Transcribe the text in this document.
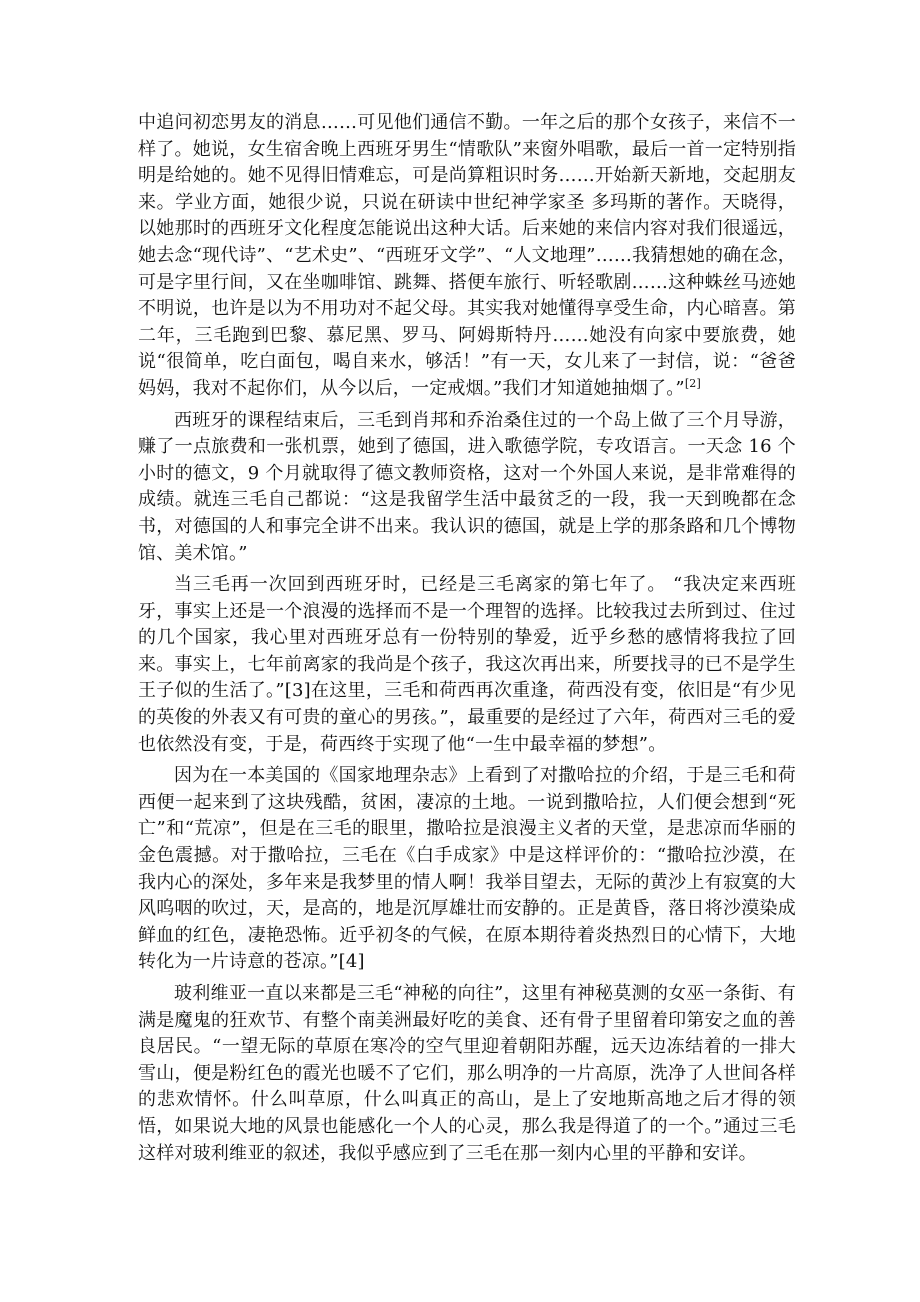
中追问初恋男友的消息……可见他们通信不勤。一年之后的那个女孩子，来信不一样了。她说，女生宿舍晚上西班牙男生“情歌队”来窗外唱歌，最后一首一定特别指明是给她的。她不见得旧情难忘，可是尚算粗识时务……开始新天新地，交起朋友来。学业方面，她很少说，只说在研读中世纪神学家圣 多玛斯的著作。天晓得，以她那时的西班牙文化程度怎能说出这种大话。后来她的来信内容对我们很遥远，她去念“现代诗”、“艺术史”、“西班牙文学”、“人文地理”……我猜想她的确在念，可是字里行间，又在坐咖啡馆、跳舞、搭便车旅行、听轻歌剧……这种蛛丝马迹她不明说，也许是以为不用功对不起父母。其实我对她懂得享受生命，内心暗喜。第二年，三毛跑到巴黎、慕尼黑、罗马、阿姆斯特丹……她没有向家中要旅费，她说“很简单，吃白面包，喝自来水，够活！”有一天，女儿来了一封信，说：“爸爸妈妈，我对不起你们，从今以后，一定戒烟。”我们才知道她抽烟了。”[2]

西班牙的课程结束后，三毛到肖邦和乔治桑住过的一个岛上做了三个月导游，赚了一点旅费和一张机票，她到了德国，进入歌德学院，专攻语言。一天念 16 个小时的德文，9 个月就取得了德文教师资格，这对一个外国人来说，是非常难得的成绩。就连三毛自己都说：“这是我留学生活中最贫乏的一段，我一天到晚都在念书，对德国的人和事完全讲不出来。我认识的德国，就是上学的那条路和几个博物馆、美术馆。”

当三毛再一次回到西班牙时，已经是三毛离家的第七年了。 “我决定来西班牙，事实上还是一个浪漫的选择而不是一个理智的选择。比较我过去所到过、住过的几个国家，我心里对西班牙总有一份特别的挚爱，近乎乡愁的感情将我拉了回来。事实上，七年前离家的我尚是个孩子，我这次再出来，所要找寻的已不是学生王子似的生活了。”[3]在这里，三毛和荷西再次重逢，荷西没有变，依旧是“有少见的英俊的外表又有可贵的童心的男孩。”，最重要的是经过了六年，荷西对三毛的爱也依然没有变，于是，荷西终于实现了他“一生中最幸福的梦想”。

因为在一本美国的《国家地理杂志》上看到了对撒哈拉的介绍，于是三毛和荷西便一起来到了这块残酷，贫困，凄凉的土地。一说到撒哈拉，人们便会想到“死亡”和“荒凉”，但是在三毛的眼里，撒哈拉是浪漫主义者的天堂，是悲凉而华丽的金色震撼。对于撒哈拉，三毛在《白手成家》中是这样评价的：“撒哈拉沙漠，在我内心的深处，多年来是我梦里的情人啊！我举目望去，无际的黄沙上有寂寞的大风呜咽的吹过，天，是高的，地是沉厚雄壮而安静的。正是黄昏，落日将沙漠染成鲜血的红色，凄艳恐怖。近乎初冬的气候，在原本期待着炎热烈日的心情下，大地转化为一片诗意的苍凉。”[4]

玻利维亚一直以来都是三毛“神秘的向往”，这里有神秘莫测的女巫一条街、有满是魔鬼的狂欢节、有整个南美洲最好吃的美食、还有骨子里留着印第安之血的善良居民。“一望无际的草原在寒冷的空气里迎着朝阳苏醒，远天边冻结着的一排大雪山，便是粉红色的霞光也暖不了它们，那么明净的一片高原，洗净了人世间各样的悲欢情怀。什么叫草原，什么叫真正的高山，是上了安地斯高地之后才得的领悟，如果说大地的风景也能感化一个人的心灵，那么我是得道了的一个。”通过三毛这样对玻利维亚的叙述，我似乎感应到了三毛在那一刻内心里的平静和安详。
